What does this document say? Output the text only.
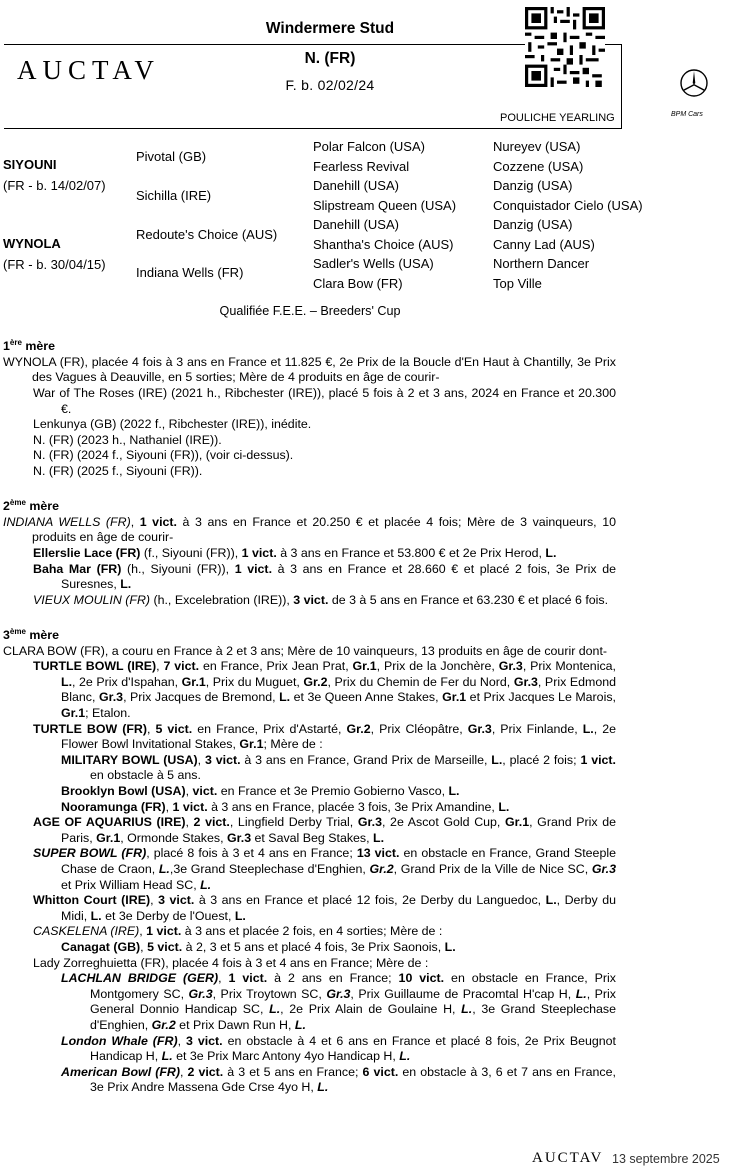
Windermere Stud
AUCTAV	N. (FR)
F. b. 02/02/24
POULICHE YEARLING	BPM Cars
SIYOUNI
(FR - b. 14/02/07)
WYNOLA
(FR - b. 30/04/15)
Pivotal (GB)
Sichilla (IRE)
Redoute's Choice (AUS)
Indiana Wells (FR)
Polar Falcon (USA)
Fearless Revival
Danehill (USA)
Slipstream Queen (USA)
Danehill (USA)
Shantha's Choice (AUS)
Sadler's Wells (USA)
Clara Bow (FR)
Nureyev (USA)
Cozzene (USA)
Danzig (USA)
Conquistador Cielo (USA)
Danzig (USA)
Canny Lad (AUS)
Northern Dancer
Top Ville
Qualifiée F.E.E. – Breeders' Cup
1ère mère
WYNOLA (FR), placée 4 fois à 3 ans en France et 11.825 €, 2e Prix de la Boucle d'En Haut à Chantilly, 3e Prix des Vagues à Deauville, en 5 sorties; Mère de 4 produits en âge de courir-
War of The Roses (IRE) (2021 h., Ribchester (IRE)), placé 5 fois à 2 et 3 ans, 2024 en France et 20.300 €.
Lenkunya (GB) (2022 f., Ribchester (IRE)), inédite.
N. (FR) (2023 h., Nathaniel (IRE)).
N. (FR) (2024 f., Siyouni (FR)), (voir ci-dessus).
N. (FR) (2025 f., Siyouni (FR)).
2ème mère
INDIANA WELLS (FR), 1 vict. à 3 ans en France et 20.250 € et placée 4 fois; Mère de 3 vainqueurs, 10 produits en âge de courir-
Ellerslie Lace (FR) (f., Siyouni (FR)), 1 vict. à 3 ans en France et 53.800 € et 2e Prix Herod, L.
Baha Mar (FR) (h., Siyouni (FR)), 1 vict. à 3 ans en France et 28.660 € et placé 2 fois, 3e Prix de Suresnes, L.
VIEUX MOULIN (FR) (h., Excelebration (IRE)), 3 vict. de 3 à 5 ans en France et 63.230 € et placé 6 fois.
3ème mère
CLARA BOW (FR), a couru en France à 2 et 3 ans; Mère de 10 vainqueurs, 13 produits en âge de courir dont-
TURTLE BOWL (IRE), 7 vict. en France, Prix Jean Prat, Gr.1, Prix de la Jonchère, Gr.3, Prix Montenica, L., 2e Prix d'Ispahan, Gr.1, Prix du Muguet, Gr.2, Prix du Chemin de Fer du Nord, Gr.3, Prix Edmond Blanc, Gr.3, Prix Jacques de Bremond, L. et 3e Queen Anne Stakes, Gr.1 et Prix Jacques Le Marois, Gr.1; Etalon.
TURTLE BOW (FR), 5 vict. en France, Prix d'Astarté, Gr.2, Prix Cléopâtre, Gr.3, Prix Finlande, L., 2e Flower Bowl Invitational Stakes, Gr.1; Mère de :
MILITARY BOWL (USA), 3 vict. à 3 ans en France, Grand Prix de Marseille, L., placé 2 fois; 1 vict. en obstacle à 5 ans.
Brooklyn Bowl (USA), vict. en France et 3e Premio Gobierno Vasco, L.
Nooramunga (FR), 1 vict. à 3 ans en France, placée 3 fois, 3e Prix Amandine, L.
AGE OF AQUARIUS (IRE), 2 vict., Lingfield Derby Trial, Gr.3, 2e Ascot Gold Cup, Gr.1, Grand Prix de Paris, Gr.1, Ormonde Stakes, Gr.3 et Saval Beg Stakes, L.
SUPER BOWL (FR), placé 8 fois à 3 et 4 ans en France; 13 vict. en obstacle en France, Grand Steeple Chase de Craon, L.,3e Grand Steeplechase d'Enghien, Gr.2, Grand Prix de la Ville de Nice SC, Gr.3 et Prix William Head SC, L.
Whitton Court (IRE), 3 vict. à 3 ans en France et placé 12 fois, 2e Derby du Languedoc, L., Derby du Midi, L. et 3e Derby de l'Ouest, L.
CASKELENA (IRE), 1 vict. à 3 ans et placée 2 fois, en 4 sorties; Mère de :
Canagat (GB), 5 vict. à 2, 3 et 5 ans et placé 4 fois, 3e Prix Saonois, L.
Lady Zorreghuietta (FR), placée 4 fois à 3 et 4 ans en France; Mère de :
LACHLAN BRIDGE (GER), 1 vict. à 2 ans en France; 10 vict. en obstacle en France, Prix Montgomery SC, Gr.3, Prix Troytown SC, Gr.3, Prix Guillaume de Pracomtal H'cap H, L., Prix General Donnio Handicap SC, L., 2e Prix Alain de Goulaine H, L., 3e Grand Steeplechase d'Enghien, Gr.2 et Prix Dawn Run H, L.
London Whale (FR), 3 vict. en obstacle à 4 et 6 ans en France et placé 8 fois, 2e Prix Beugnot Handicap H, L. et 3e Prix Marc Antony 4yo Handicap H, L.
American Bowl (FR), 2 vict. à 3 et 5 ans en France; 6 vict. en obstacle à 3, 6 et 7 ans en France, 3e Prix Andre Massena Gde Crse 4yo H, L.
AUCTAV 13 septembre 2025
